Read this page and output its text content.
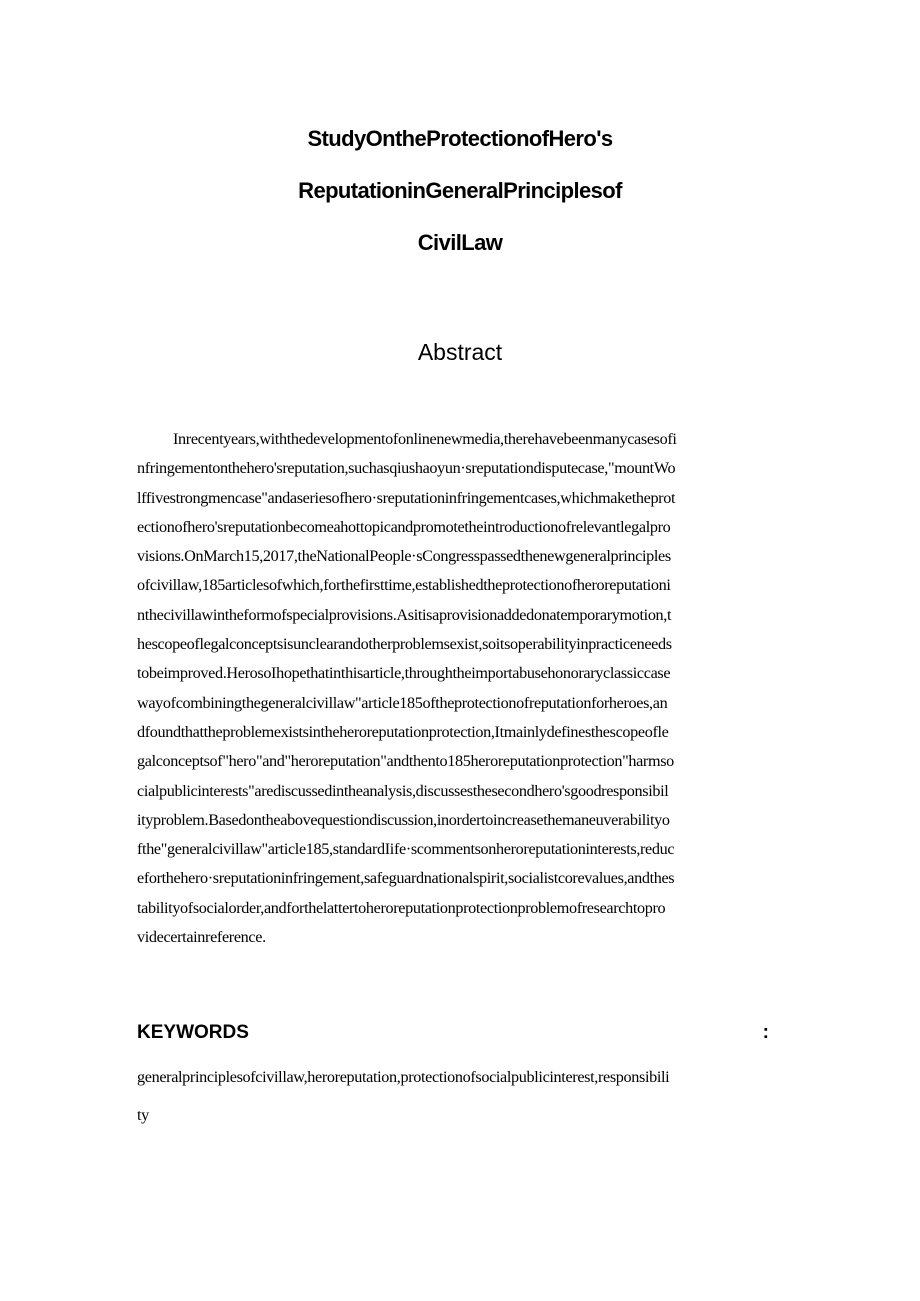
StudyOntheProtectionofHero's
ReputationinGeneralPrinciplesof
CivilLaw
Abstract
Inrecentyears,withthedevelopmentofonlinenewmedia,therehavebeenmanycasesofi
nfringementonthehero'sreputation,suchasqiushaoyun·sreputationdisputecase,"mountWo
lffivestrongmencase"andaseriesofhero·sreputationinfringementcases,whichmaketheprot
ectionofhero'sreputationbecomeahottopicandpromotetheintroductionofrelevantlegalpro
visions.OnMarch15,2017,theNationalPeople·sCongresspassedthenewgeneralprinciples
ofcivillaw,185articlesofwhich,forthefirsttime,establishedtheprotectionofheroreputationi
nthecivillawintheformofspecialprovisions.Asitisaprovisionaddedonatemporarymotion,t
hescopeoflegalconceptsisunclearandotherproblemsexist,soitsoperabilityinpracticeneeds
tobeimproved.HerosoIhopethatinthisarticle,throughtheimportabusehonoraryclassiccase
wayofcombiningthegeneralcivillaw"article185oftheprotectionofreputationforheroes,an
dfoundthattheproblemexistsintheheroreputationprotection,Itmainlydefinesthescopeofle
galconceptsof"hero"and"heroreputation"andthento185heroreputationprotection"harmso
cialpublicinterests"arediscussedintheanalysis,discussesthesecondhero'sgoodresponsibil
ityproblem.Basedontheabovequestiondiscussion,inordertoincreasethemaneuverabilityo
fthe"generalcivillaw"article185,standardIife·scommentsonheroreputationinterests,reduc
eforthehero·sreputationinfringement,safeguardnationalspirit,socialistcorevalues,andthes
tabilityofsocialorder,andforthelattertoheroreputationprotectionproblemofresearchtopro
videcertainreference.
KEYWORDS	:
generalprinciplesofcivillaw,heroreputation,protectionofsocialpublicinterest,responsibili
ty
